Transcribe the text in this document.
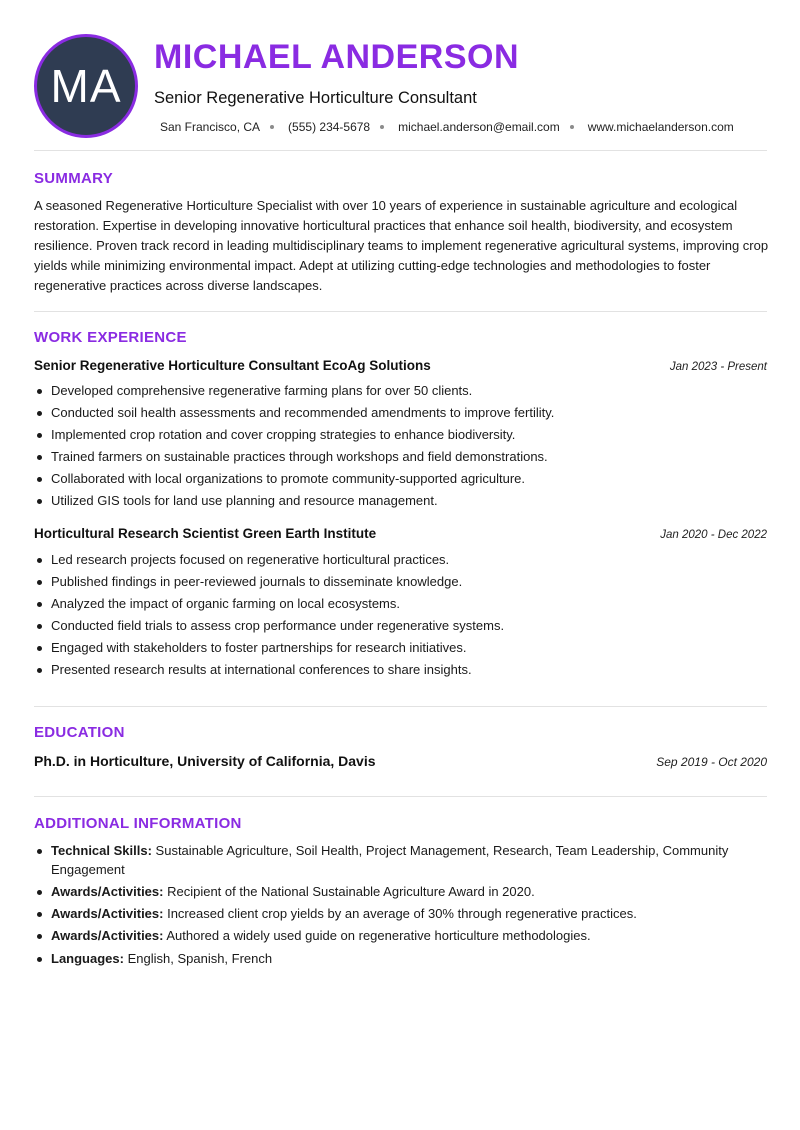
MA
MICHAEL ANDERSON
Senior Regenerative Horticulture Consultant
San Francisco, CA (555) 234-5678 michael.anderson@email.com www.michaelanderson.com
SUMMARY

A seasoned Regenerative Horticulture Specialist with over 10 years of experience in sustainable agriculture and ecological restoration. Expertise in developing innovative horticultural practices that enhance soil health, biodiversity, and ecosystem resilience. Proven track record in leading multidisciplinary teams to implement regenerative agricultural systems, improving crop yields while minimizing environmental impact. Adept at utilizing cutting-edge technologies and methodologies to foster regenerative practices across diverse landscapes.

WORK EXPERIENCE
Senior Regenerative Horticulture Consultant EcoAg Solutions	Jan 2023 - Present
Developed comprehensive regenerative farming plans for over 50 clients.
Conducted soil health assessments and recommended amendments to improve fertility.
Implemented crop rotation and cover cropping strategies to enhance biodiversity.
Trained farmers on sustainable practices through workshops and field demonstrations.
Collaborated with local organizations to promote community-supported agriculture.
Utilized GIS tools for land use planning and resource management.
Horticultural Research Scientist Green Earth Institute	Jan 2020 - Dec 2022
Led research projects focused on regenerative horticultural practices.
Published findings in peer-reviewed journals to disseminate knowledge.
Analyzed the impact of organic farming on local ecosystems.
Conducted field trials to assess crop performance under regenerative systems.
Engaged with stakeholders to foster partnerships for research initiatives.
Presented research results at international conferences to share insights.
EDUCATION
Ph.D. in Horticulture, University of California, Davis	Sep 2019 - Oct 2020
ADDITIONAL INFORMATION
Technical Skills: Sustainable Agriculture, Soil Health, Project Management, Research, Team Leadership, Community Engagement
Awards/Activities: Recipient of the National Sustainable Agriculture Award in 2020.
Awards/Activities: Increased client crop yields by an average of 30% through regenerative practices.
Awards/Activities: Authored a widely used guide on regenerative horticulture methodologies.
Languages: English, Spanish, French
